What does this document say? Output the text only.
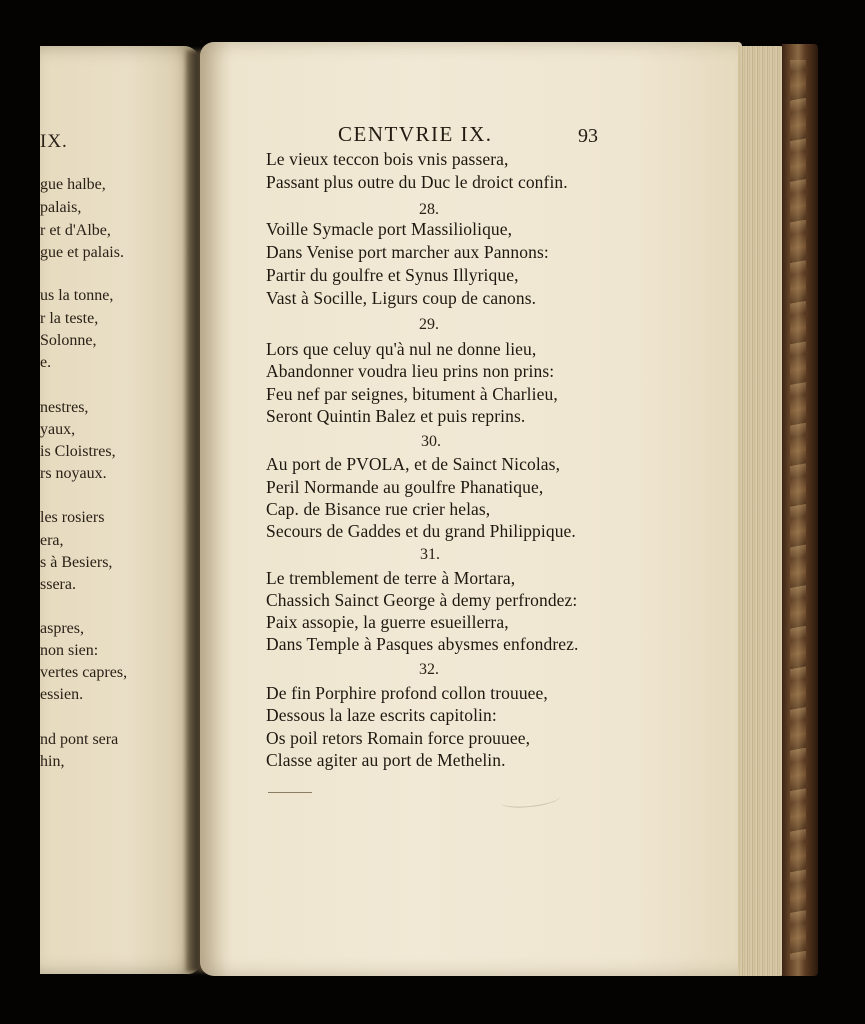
IX.
gue halbe,
palais,
r et d'Albe,
gue et palais.
us la tonne,
r la teste,
Solonne,
e.
nestres,
yaux,
is Cloistres,
rs noyaux.
les rosiers
era,
s à Besiers,
ssera.
aspres,
non sien:
vertes capres,
essien.
nd pont sera
hin,
CENTVRIE IX.	93
Le vieux teccon bois vnis passera,
Passant plus outre du Duc le droict confin.
28.
Voille Symacle port Massiliolique,
Dans Venise port marcher aux Pannons:
Partir du goulfre et Synus Illyrique,
Vast à Socille, Ligurs coup de canons.
29.
Lors que celuy qu'à nul ne donne lieu,
Abandonner voudra lieu prins non prins:
Feu nef par seignes, bitument à Charlieu,
Seront Quintin Balez et puis reprins.
30.
Au port de PVOLA, et de Sainct Nicolas,
Peril Normande au goulfre Phanatique,
Cap. de Bisance rue crier helas,
Secours de Gaddes et du grand Philippique.
31.
Le tremblement de terre à Mortara,
Chassich Sainct George à demy perfrondez:
Paix assopie, la guerre esueillerra,
Dans Temple à Pasques abysmes enfondrez.
32.
De fin Porphire profond collon trouuee,
Dessous la laze escrits capitolin:
Os poil retors Romain force prouuee,
Classe agiter au port de Methelin.
